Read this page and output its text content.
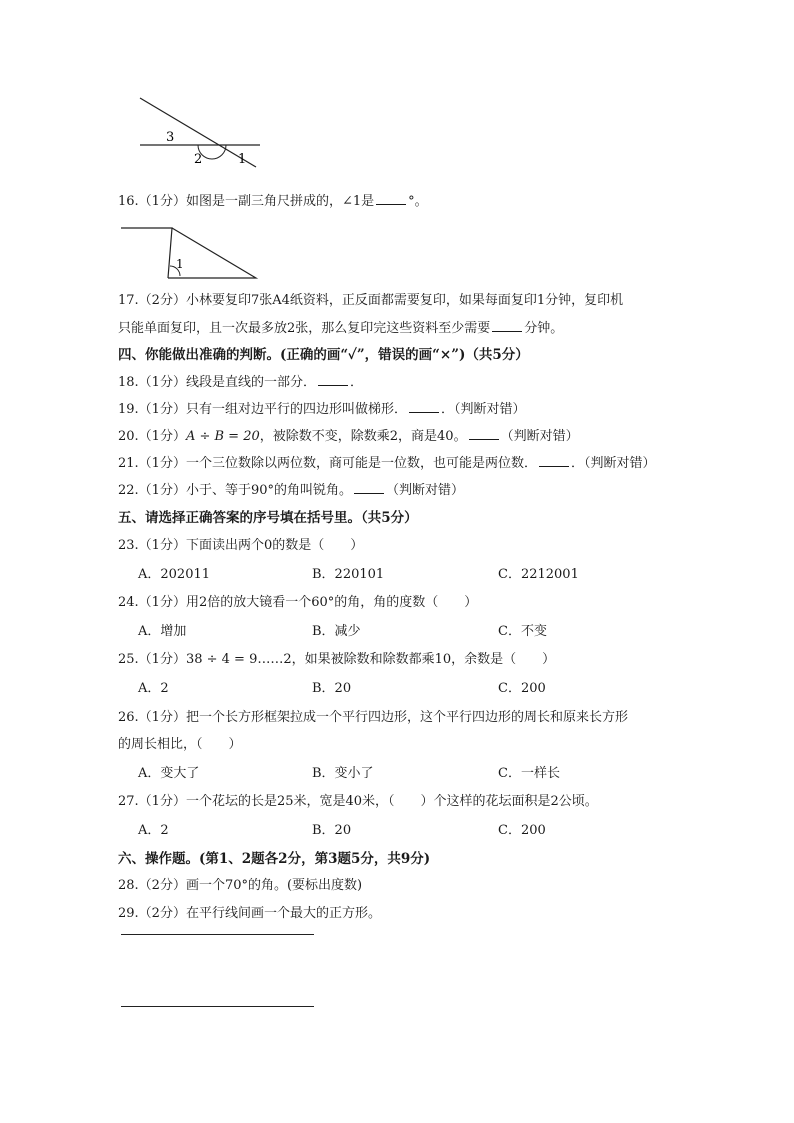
3
2	1
16.（1分）如图是一副三角尺拼成的，∠1是	°。
1
17.（2分）小林要复印7张A4纸资料，正反面都需要复印，如果每面复印1分钟，复印机
只能单面复印，且一次最多放2张，那么复印完这些资料至少需要	分钟。
四、你能做出准确的判断。(正确的画“✓”，错误的画“×”)（共5分）
18.（1分）线段是直线的一部分．	．
19.（1分）只有一组对边平行的四边形叫做梯形．	．（判断对错）
20.（1分）A ÷ B = 20，被除数不变，除数乘2，商是40。	（判断对错）
21.（1分）一个三位数除以两位数，商可能是一位数，也可能是两位数．	．（判断对错）
22.（1分）小于、等于90°的角叫锐角。	（判断对错）
五、请选择正确答案的序号填在括号里。（共5分）
23.（1分）下面读出两个0的数是（ ）
A．202011	B．220101	C．2212001
24.（1分）用2倍的放大镜看一个60°的角，角的度数（ ）
A．增加	B．减少	C．不变
25.（1分）38 ÷ 4 = 9……2，如果被除数和除数都乘10，余数是（ ）
A．2	B．20	C．200
26.（1分）把一个长方形框架拉成一个平行四边形，这个平行四边形的周长和原来长方形
的周长相比，（ ）
A．变大了	B．变小了	C．一样长
27.（1分）一个花坛的长是25米，宽是40米，（ ）个这样的花坛面积是2公顷。
A．2	B．20	C．200
六、操作题。(第1、2题各2分，第3题5分，共9分)
28.（2分）画一个70°的角。(要标出度数)
29.（2分）在平行线间画一个最大的正方形。
